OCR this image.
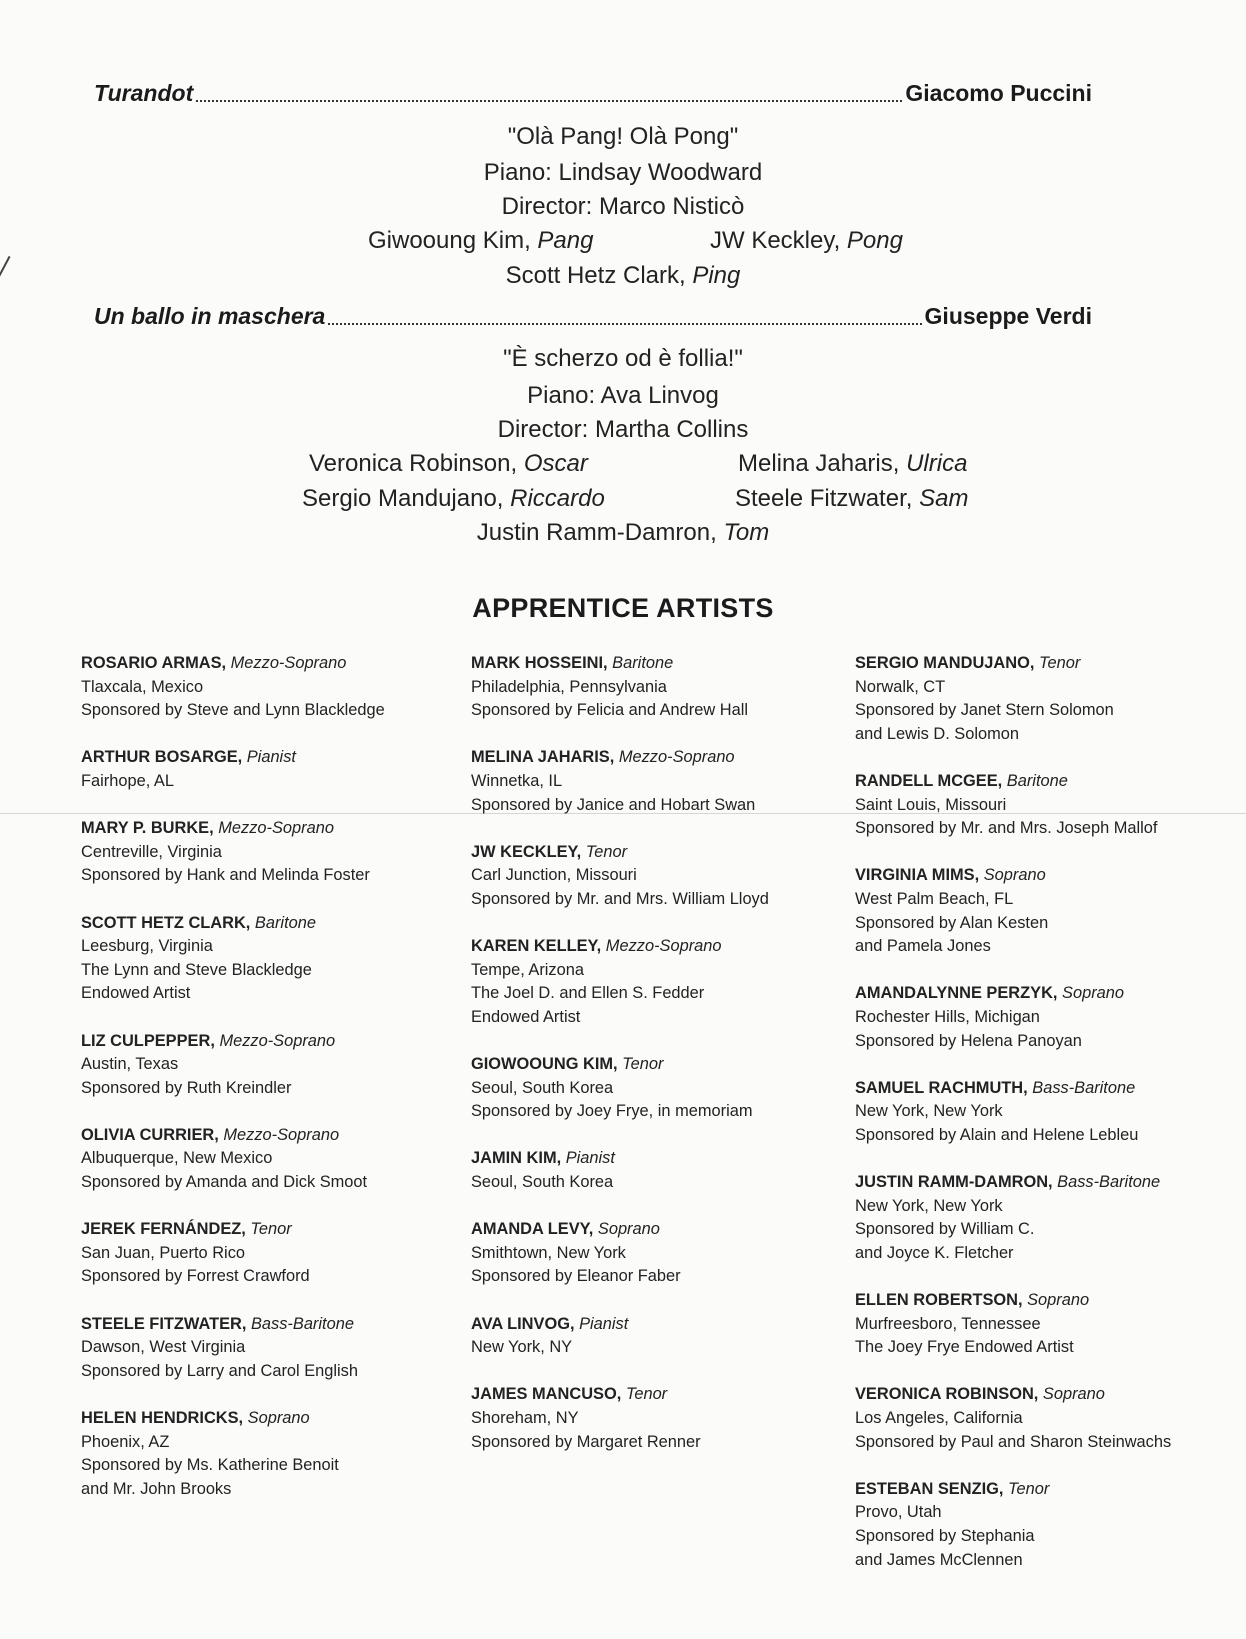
Turandot	Giacomo Puccini
"Olà Pang! Olà Pong"
Piano: Lindsay Woodward
Director: Marco Nisticò
Giwooung Kim, Pang	JW Keckley, Pong
Scott Hetz Clark, Ping
Un ballo in maschera	Giuseppe Verdi
"È scherzo od è follia!"
Piano: Ava Linvog
Director: Martha Collins
Veronica Robinson, Oscar	Melina Jaharis, Ulrica
Sergio Mandujano, Riccardo	Steele Fitzwater, Sam
Justin Ramm-Damron, Tom
APPRENTICE ARTISTS
ROSARIO ARMAS, Mezzo-Soprano
Tlaxcala, Mexico
Sponsored by Steve and Lynn Blackledge
ARTHUR BOSARGE, Pianist
Fairhope, AL
MARY P. BURKE, Mezzo-Soprano
Centreville, Virginia
Sponsored by Hank and Melinda Foster
SCOTT HETZ CLARK, Baritone
Leesburg, Virginia
The Lynn and Steve Blackledge
Endowed Artist
LIZ CULPEPPER, Mezzo-Soprano
Austin, Texas
Sponsored by Ruth Kreindler
OLIVIA CURRIER, Mezzo-Soprano
Albuquerque, New Mexico
Sponsored by Amanda and Dick Smoot
JEREK FERNÁNDEZ, Tenor
San Juan, Puerto Rico
Sponsored by Forrest Crawford
STEELE FITZWATER, Bass-Baritone
Dawson, West Virginia
Sponsored by Larry and Carol English
HELEN HENDRICKS, Soprano
Phoenix, AZ
Sponsored by Ms. Katherine Benoit
and Mr. John Brooks
MARK HOSSEINI, Baritone
Philadelphia, Pennsylvania
Sponsored by Felicia and Andrew Hall
MELINA JAHARIS, Mezzo-Soprano
Winnetka, IL
Sponsored by Janice and Hobart Swan
JW KECKLEY, Tenor
Carl Junction, Missouri
Sponsored by Mr. and Mrs. William Lloyd
KAREN KELLEY, Mezzo-Soprano
Tempe, Arizona
The Joel D. and Ellen S. Fedder
Endowed Artist
GIOWOOUNG KIM, Tenor
Seoul, South Korea
Sponsored by Joey Frye, in memoriam
JAMIN KIM, Pianist
Seoul, South Korea
AMANDA LEVY, Soprano
Smithtown, New York
Sponsored by Eleanor Faber
AVA LINVOG, Pianist
New York, NY
JAMES MANCUSO, Tenor
Shoreham, NY
Sponsored by Margaret Renner
SERGIO MANDUJANO, Tenor
Norwalk, CT
Sponsored by Janet Stern Solomon
and Lewis D. Solomon
RANDELL MCGEE, Baritone
Saint Louis, Missouri
Sponsored by Mr. and Mrs. Joseph Mallof
VIRGINIA MIMS, Soprano
West Palm Beach, FL
Sponsored by Alan Kesten
and Pamela Jones
AMANDALYNNE PERZYK, Soprano
Rochester Hills, Michigan
Sponsored by Helena Panoyan
SAMUEL RACHMUTH, Bass-Baritone
New York, New York
Sponsored by Alain and Helene Lebleu
JUSTIN RAMM-DAMRON, Bass-Baritone
New York, New York
Sponsored by William C.
and Joyce K. Fletcher
ELLEN ROBERTSON, Soprano
Murfreesboro, Tennessee
The Joey Frye Endowed Artist
VERONICA ROBINSON, Soprano
Los Angeles, California
Sponsored by Paul and Sharon Steinwachs
ESTEBAN SENZIG, Tenor
Provo, Utah
Sponsored by Stephania
and James McClennen
